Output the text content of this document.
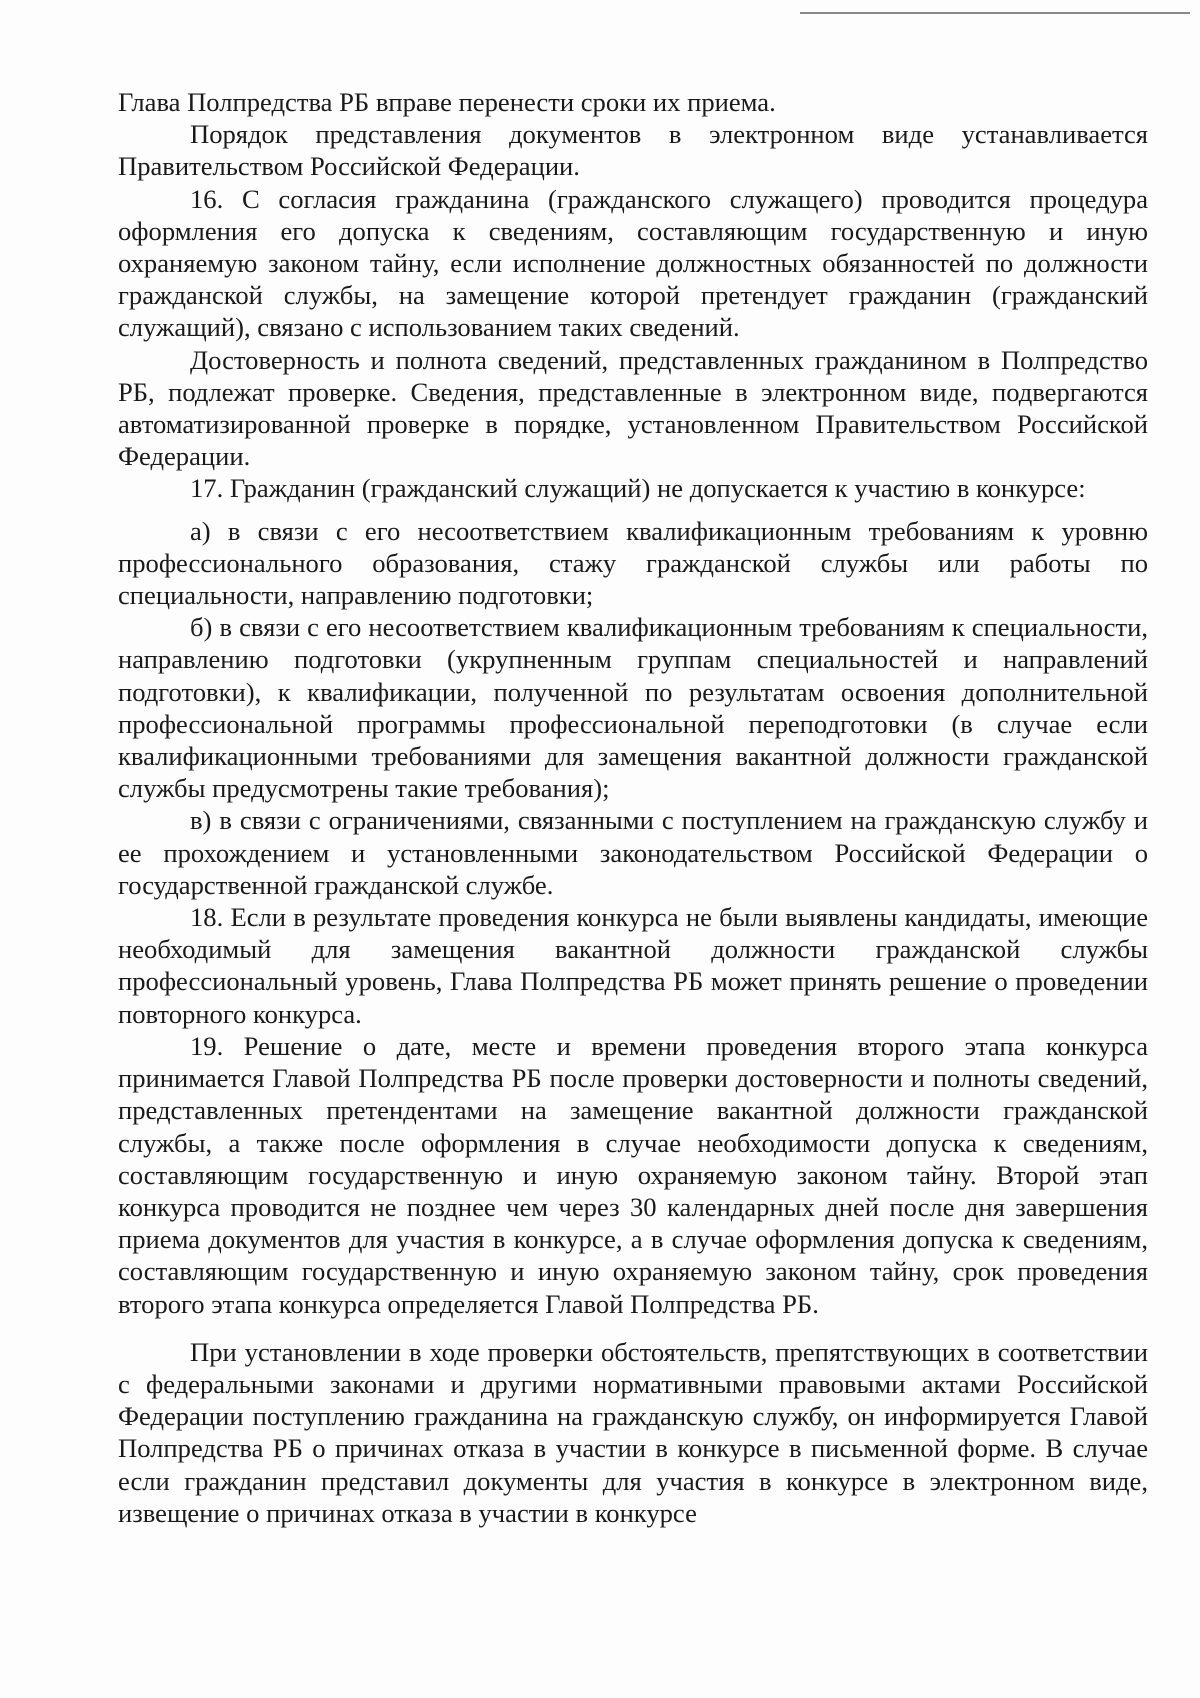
Глава Полпредства РБ вправе перенести сроки их приема.

Порядок представления документов в электронном виде устанавливается Правительством Российской Федерации.

16. С согласия гражданина (гражданского служащего) проводится процедура оформления его допуска к сведениям, составляющим государственную и иную охраняемую законом тайну, если исполнение должностных обязанностей по должности гражданской службы, на замещение которой претендует гражданин (гражданский служащий), связано с использованием таких сведений.

Достоверность и полнота сведений, представленных гражданином в Полпредство РБ, подлежат проверке. Сведения, представленные в электронном виде, подвергаются автоматизированной проверке в порядке, установленном Правительством Российской Федерации.

17. Гражданин (гражданский служащий) не допускается к участию в конкурсе:

а) в связи с его несоответствием квалификационным требованиям к уровню профессионального образования, стажу гражданской службы или работы по специальности, направлению подготовки;

б) в связи с его несоответствием квалификационным требованиям к специальности, направлению подготовки (укрупненным группам специальностей и направлений подготовки), к квалификации, полученной по результатам освоения дополнительной профессиональной программы профессиональной переподготовки (в случае если квалификационными требованиями для замещения вакантной должности гражданской службы предусмотрены такие требования);

в) в связи с ограничениями, связанными с поступлением на гражданскую службу и ее прохождением и установленными законодательством Российской Федерации о государственной гражданской службе.

18. Если в результате проведения конкурса не были выявлены кандидаты, имеющие необходимый для замещения вакантной должности гражданской службы профессиональный уровень, Глава Полпредства РБ может принять решение о проведении повторного конкурса.

19. Решение о дате, месте и времени проведения второго этапа конкурса принимается Главой Полпредства РБ после проверки достоверности и полноты сведений, представленных претендентами на замещение вакантной должности гражданской службы, а также после оформления в случае необходимости допуска к сведениям, составляющим государственную и иную охраняемую законом тайну. Второй этап конкурса проводится не позднее чем через 30 календарных дней после дня завершения приема документов для участия в конкурсе, а в случае оформления допуска к сведениям, составляющим государственную и иную охраняемую законом тайну, срок проведения второго этапа конкурса определяется Главой Полпредства РБ.

При установлении в ходе проверки обстоятельств, препятствующих в соответствии с федеральными законами и другими нормативными правовыми актами Российской Федерации поступлению гражданина на гражданскую службу, он информируется Главой Полпредства РБ о причинах отказа в участии в конкурсе в письменной форме. В случае если гражданин представил документы для участия в конкурсе в электронном виде, извещение о причинах отказа в участии в конкурсе
